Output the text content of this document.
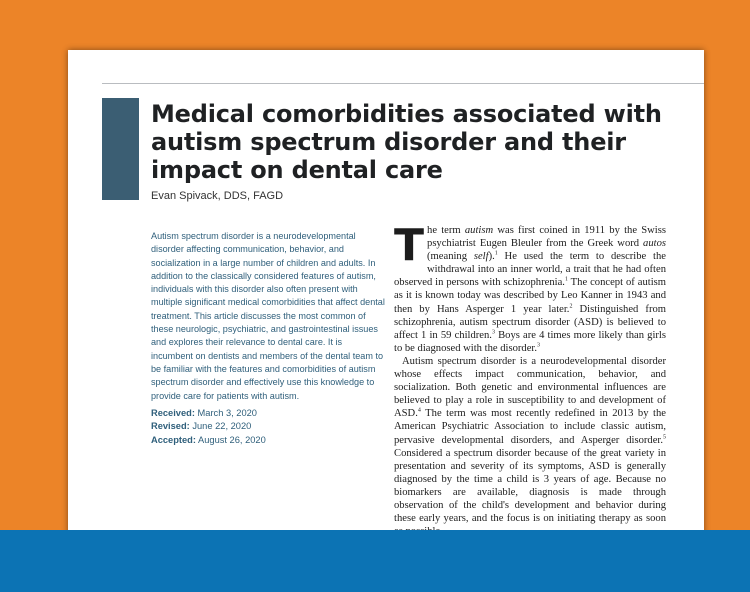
Medical comorbidities associated with autism spectrum disorder and their impact on dental care
Evan Spivack, DDS, FAGD
Autism spectrum disorder is a neurodevelopmental disorder affecting communication, behavior, and socialization in a large number of children and adults. In addition to the classically considered features of autism, individuals with this disorder also often present with multiple significant medical comorbidities that affect dental treatment. This article discusses the most common of these neurologic, psychiatric, and gastrointestinal issues and explores their relevance to dental care. It is incumbent on dentists and members of the dental team to be familiar with the features and comorbidities of autism spectrum disorder and effectively use this knowledge to provide care for patients with autism.
Received: March 3, 2020
Revised: June 22, 2020
Accepted: August 26, 2020

The term autism was first coined in 1911 by the Swiss psychiatrist Eugen Bleuler from the Greek word autos (meaning self).$^1$ He used the term to describe the withdrawal into an inner world, a trait that he had often observed in persons with schizophrenia.$^1$ The concept of autism as it is known today was described by Leo Kanner in 1943 and then by Hans Asperger 1 year later.$^2$ Distinguished from schizophrenia, autism spectrum disorder (ASD) is believed to affect 1 in 59 children.$^3$ Boys are 4 times more likely than girls to be diagnosed with the disorder.$^3$

Autism spectrum disorder is a neurodevelopmental disorder whose effects impact communication, behavior, and socialization. Both genetic and environmental influences are believed to play a role in susceptibility to and development of ASD.$^4$ The term was most recently redefined in 2013 by the American Psychiatric Association to include classic autism, pervasive developmental disorders, and Asperger disorder.$^5$ Considered a spectrum disorder because of the great variety in presentation and severity of its symptoms, ASD is generally diagnosed by the time a child is 3 years of age. Because no biomarkers are available, diagnosis is made through observation of the child's development and behavior during these early years, and the focus is on initiating therapy as soon
